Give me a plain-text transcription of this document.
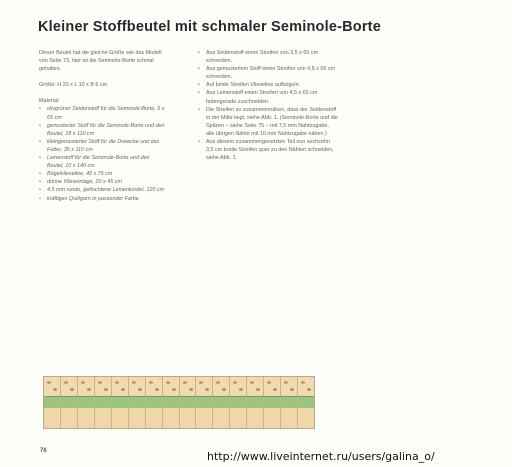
Kleiner Stoffbeutel mit schmaler Seminole-Borte

Dieser Beutel hat die gleiche Größe wie das Modell von Seite 73, hier ist die Seminole-Borte schmal gehalten.

Größe: H 20 x L 10 x B 6 cm

Material:
• olivgrüner Seidenstoff für die Seminole-Borte, 5 x 65 cm
• gemusterter Stoff für die Seminole-Borte und den Beutel, 18 x 110 cm
• kleingemusterter Stoff für die Dreiecke und das Futter, 35 x 110 cm
• Leinenstoff für die Seminole-Borte und den Beutel, 10 x 140 cm
• Bügelvlieseline, 40 x 75 cm
• dünne Vlieseinlage, 20 x 45 cm
• 4,5 mm runde, gefiochtene Leinenkordel, 120 cm
• kräftiges Quiltgarn in passender Farbe
• Aus Seidenstoff einen Streifen von 3,5 x 65 cm schneiden.
• Aus gemustertem Stoff einen Streifen von 4,5 x 65 cm schneiden.
• Auf beide Streifen Vlieseline aufbügeln.
• Aus Leinenstoff einen Streifen von 4,5 x 65 cm fadengerade zuschneiden.
• Die Streifen so zusammennähen, dass der Seidenstoff in der Mitte liegt, siehe Abb. 1. (Seminole-Borte und die Spitzen – siehe Seite 75 – mit 7,5 mm Nahtzugabe, alle übrigen Nähte mit 10 mm Nahtzugabe nähen.)
• Aus diesem zusammengesetzten Teil nun sechzehn 3,5 cm breite Streifen quer zu den Nähten schneiden, siehe Abb. 1.
76	http://www.liveinternet.ru/users/galina_o/
